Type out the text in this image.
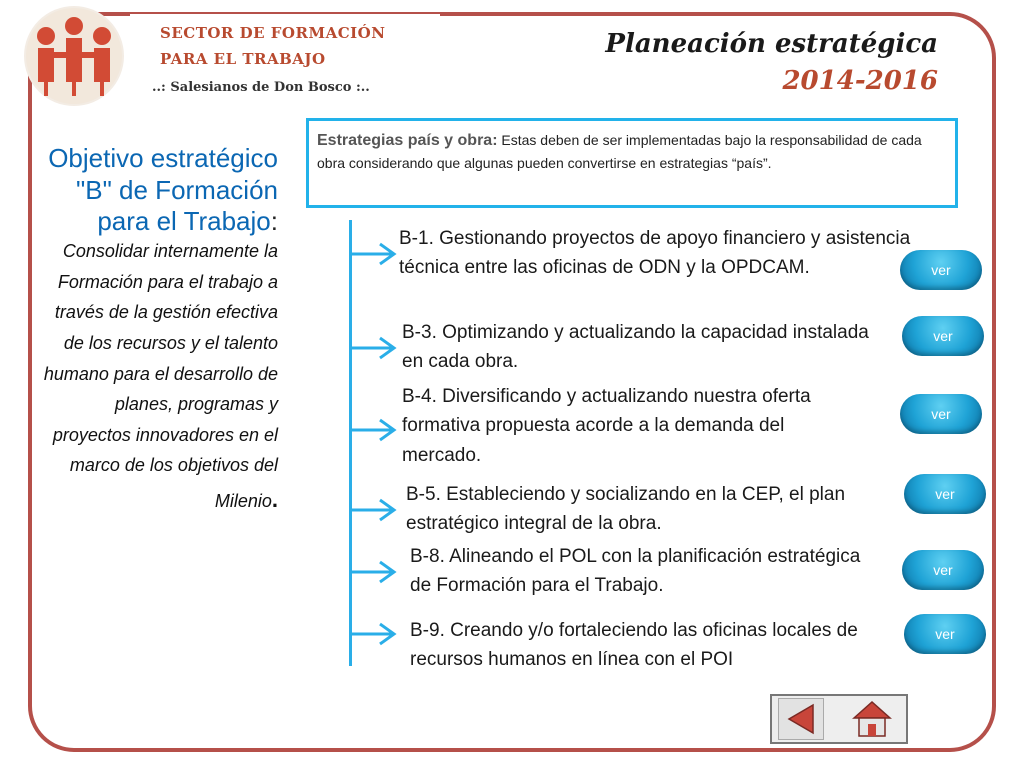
SECTOR DE FORMACIÓN
PARA EL TRABAJO
..: Salesianos de Don Bosco :..
Planeación estratégica
2014-2016
Objetivo estratégico "B" de Formación para el Trabajo:
Consolidar internamente la Formación para el trabajo a través de la gestión efectiva de los recursos y el talento humano para el desarrollo de planes, programas y proyectos innovadores en el marco de los objetivos del Milenio.
Estrategias país y obra: Estas deben de ser implementadas bajo la responsabilidad de cada obra considerando que algunas pueden convertirse en estrategias “país”.
B-1. Gestionando proyectos de apoyo financiero y asistencia técnica entre las oficinas de ODN y la OPDCAM.
B-3. Optimizando y actualizando la capacidad instalada en cada obra.
B-4. Diversificando y actualizando nuestra oferta formativa propuesta acorde a la demanda del mercado.
B-5. Estableciendo y socializando en la CEP, el plan estratégico integral de la obra.
B-8. Alineando el POL con la planificación estratégica de Formación para el Trabajo.
B-9. Creando y/o fortaleciendo las oficinas locales de recursos humanos en línea con el POI
ver
ver
ver
ver
ver
ver
